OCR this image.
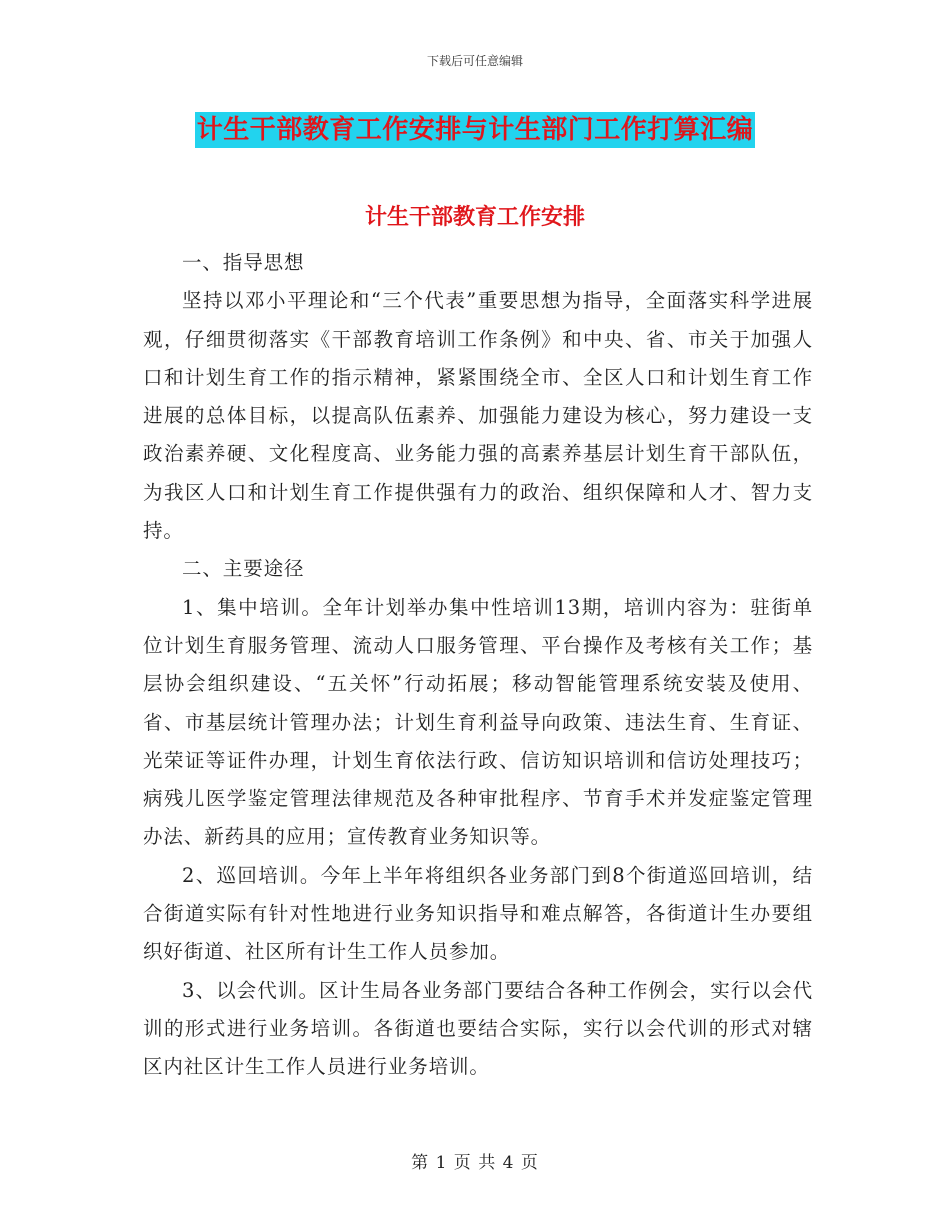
下载后可任意编辑
计生干部教育工作安排与计生部门工作打算汇编
计生干部教育工作安排

一、指导思想

坚持以邓小平理论和“三个代表”重要思想为指导，全面落实科学进展观，仔细贯彻落实《干部教育培训工作条例》和中央、省、市关于加强人口和计划生育工作的指示精神，紧紧围绕全市、全区人口和计划生育工作进展的总体目标，以提高队伍素养、加强能力建设为核心，努力建设一支政治素养硬、文化程度高、业务能力强的高素养基层计划生育干部队伍，为我区人口和计划生育工作提供强有力的政治、组织保障和人才、智力支持。

二、主要途径

1、集中培训。全年计划举办集中性培训13期，培训内容为：驻街单位计划生育服务管理、流动人口服务管理、平台操作及考核有关工作；基层协会组织建设、“五关怀”行动拓展；移动智能管理系统安装及使用、省、市基层统计管理办法；计划生育利益导向政策、违法生育、生育证、光荣证等证件办理，计划生育依法行政、信访知识培训和信访处理技巧；病残儿医学鉴定管理法律规范及各种审批程序、节育手术并发症鉴定管理办法、新药具的应用；宣传教育业务知识等。

2、巡回培训。今年上半年将组织各业务部门到8个街道巡回培训，结合街道实际有针对性地进行业务知识指导和难点解答，各街道计生办要组织好街道、社区所有计生工作人员参加。

3、以会代训。区计生局各业务部门要结合各种工作例会，实行以会代训的形式进行业务培训。各街道也要结合实际，实行以会代训的形式对辖区内社区计生工作人员进行业务培训。

第 1 页 共 4 页
